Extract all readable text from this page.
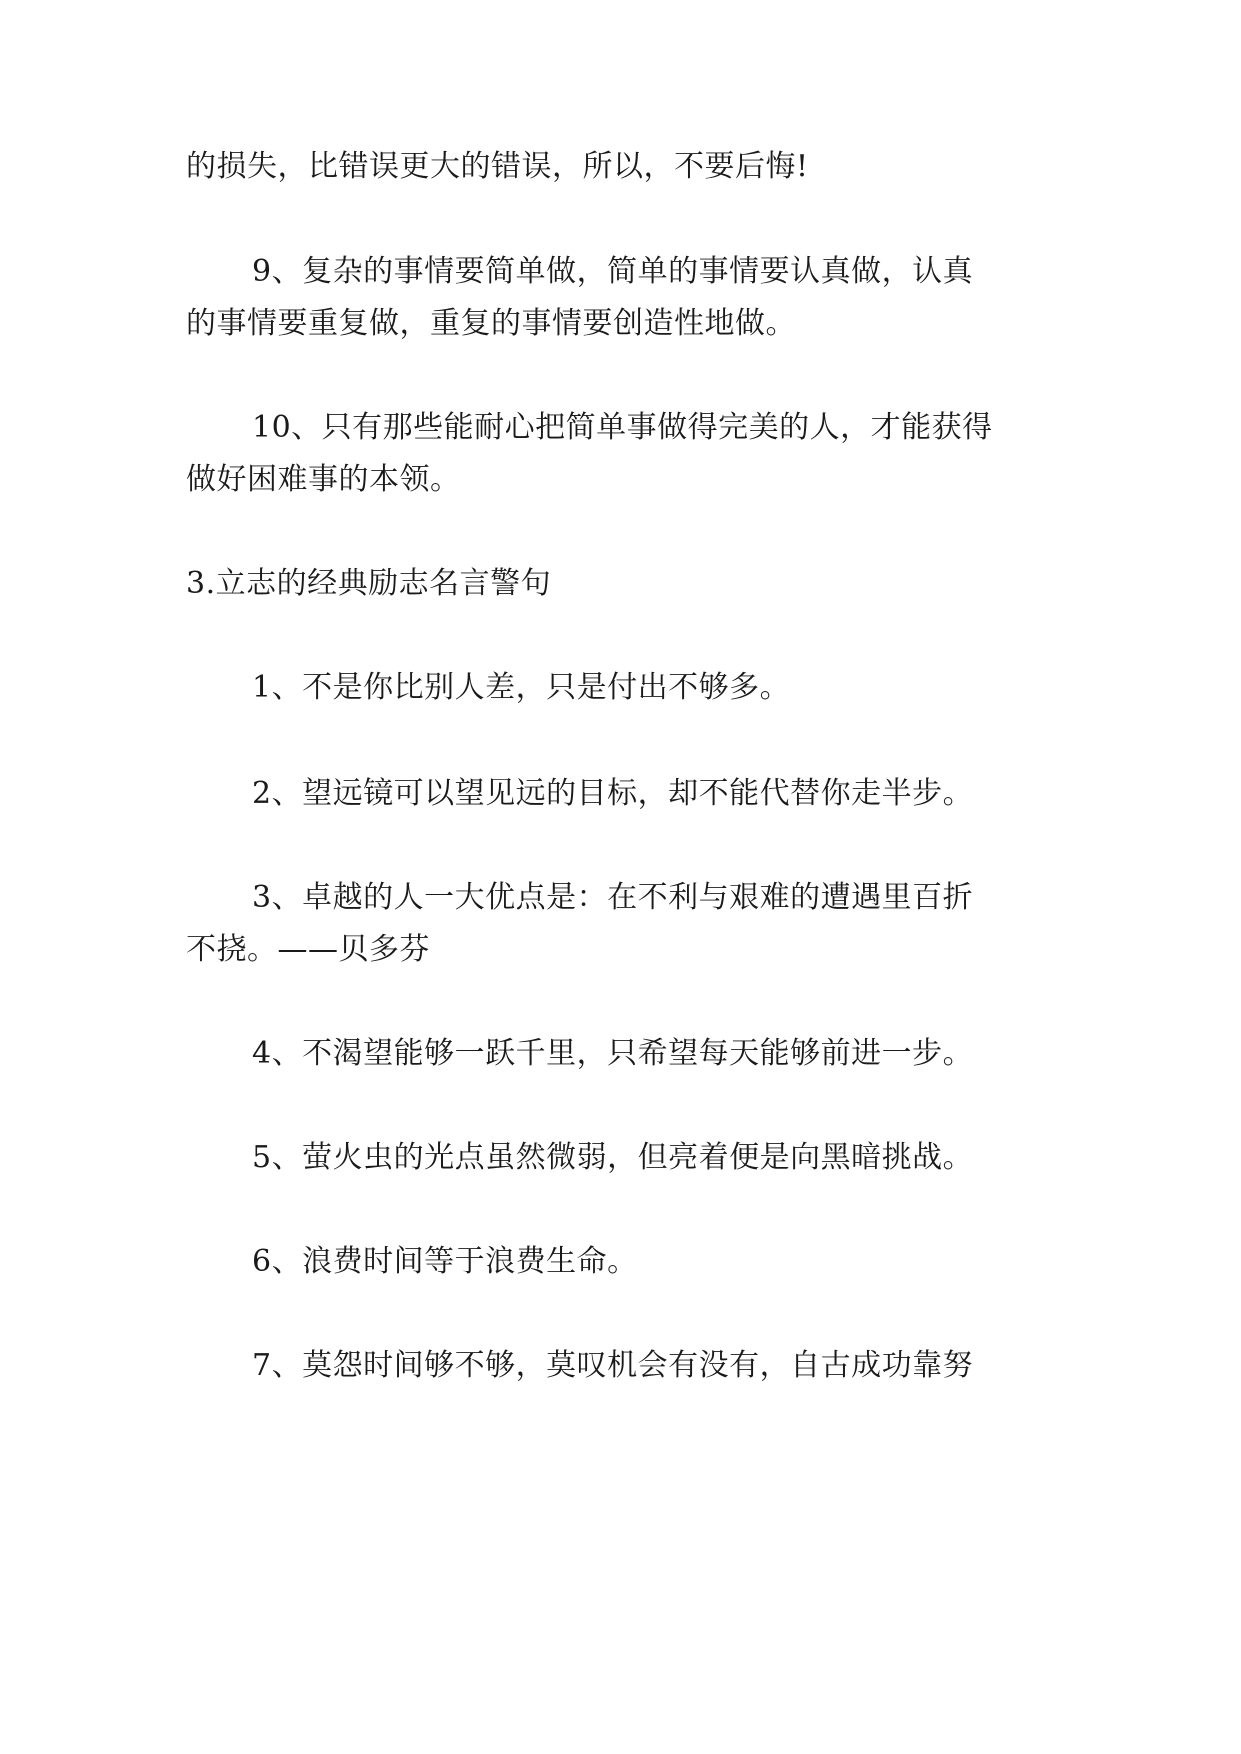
的损失，比错误更大的错误，所以，不要后悔!
9、复杂的事情要简单做，简单的事情要认真做，认真
的事情要重复做，重复的事情要创造性地做。
10、只有那些能耐心把简单事做得完美的人，才能获得
做好困难事的本领。
3.立志的经典励志名言警句
1、不是你比别人差，只是付出不够多。
2、望远镜可以望见远的目标，却不能代替你走半步。
3、卓越的人一大优点是：在不利与艰难的遭遇里百折
不挠。——贝多芬
4、不渴望能够一跃千里，只希望每天能够前进一步。
5、萤火虫的光点虽然微弱，但亮着便是向黑暗挑战。
6、浪费时间等于浪费生命。
7、莫怨时间够不够，莫叹机会有没有，自古成功靠努
